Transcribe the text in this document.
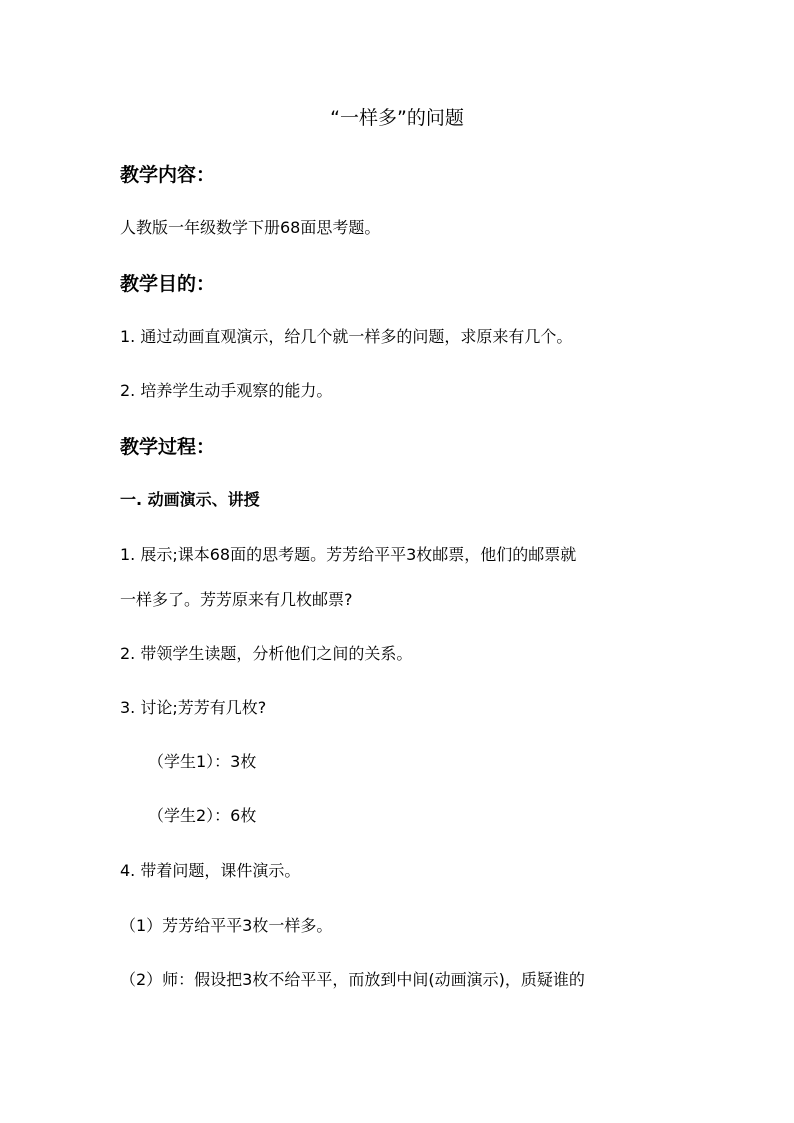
“一样多”的问题
教学内容：
人教版一年级数学下册68面思考题。
教学目的：
1. 通过动画直观演示，给几个就一样多的问题，求原来有几个。
2. 培养学生动手观察的能力。
教学过程：
一. 动画演示、讲授
1. 展示;课本68面的思考题。芳芳给平平3枚邮票，他们的邮票就
一样多了。芳芳原来有几枚邮票?
2. 带领学生读题，分析他们之间的关系。
3. 讨论;芳芳有几枚?
（学生1）：3枚
（学生2）：6枚
4. 带着问题，课件演示。
（1）芳芳给平平3枚一样多。
（2）师：假设把3枚不给平平，而放到中间(动画演示)，质疑谁的
